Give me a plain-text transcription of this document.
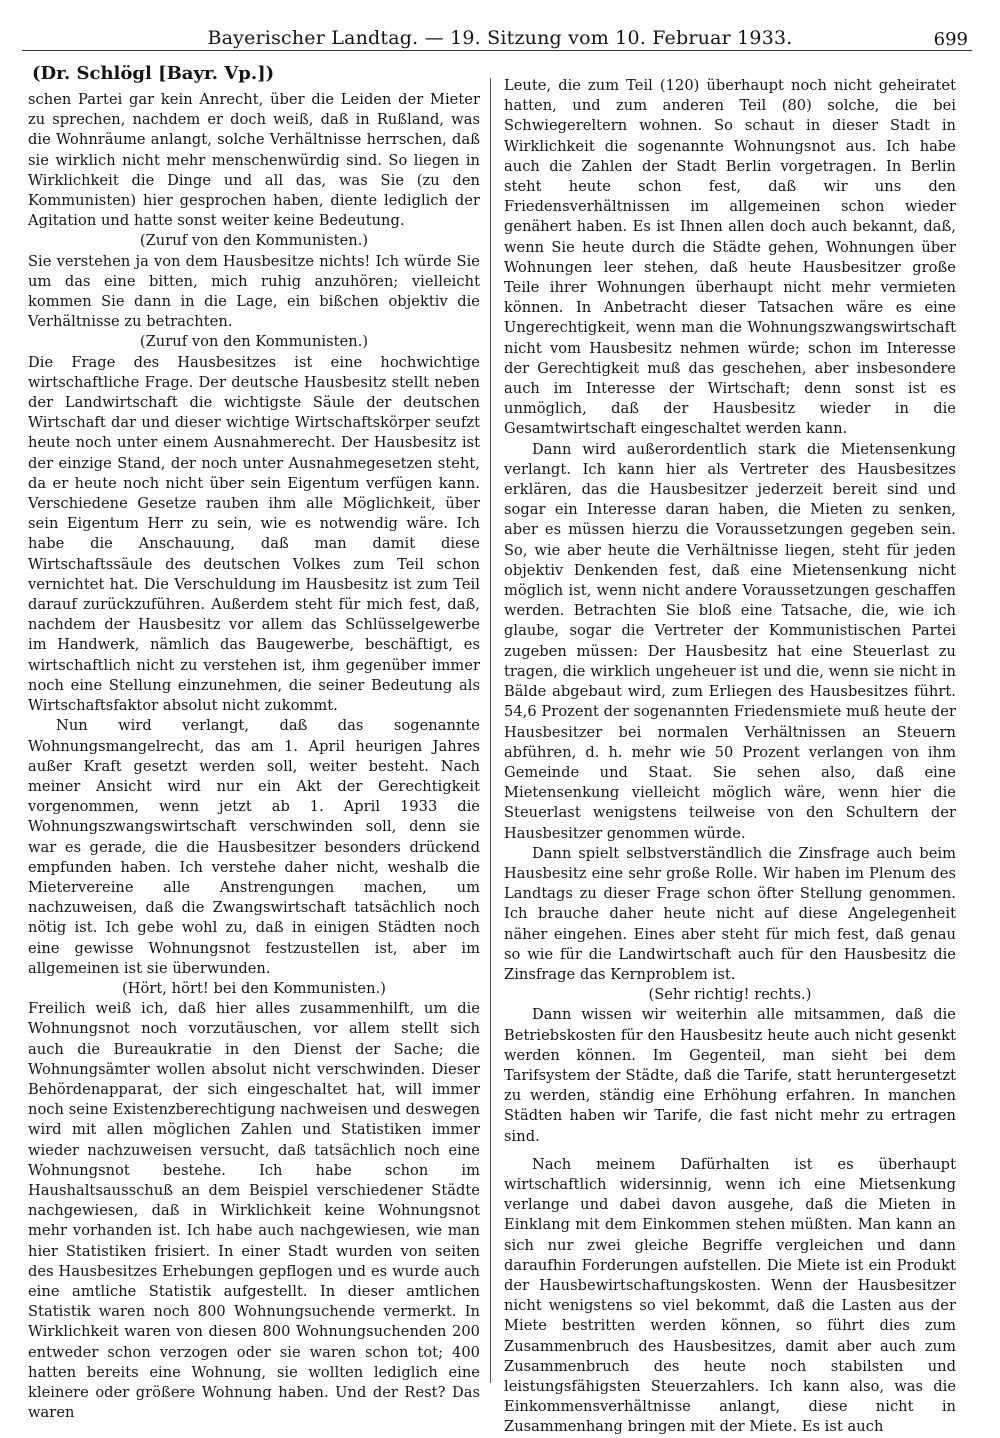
Bayerischer Landtag. — 19. Sitzung vom 10. Februar 1933.	699
(Dr. Schlögl [Bayr. Vp.])

schen Partei gar kein Anrecht, über die Leiden der Mieter zu sprechen, nachdem er doch weiß, daß in Rußland, was die Wohnräume anlangt, solche Verhältnisse herrschen, daß sie wirklich nicht mehr menschenwürdig sind. So liegen in Wirklichkeit die Dinge und all das, was Sie (zu den Kommunisten) hier gesprochen haben, diente lediglich der Agitation und hatte sonst weiter keine Bedeutung.

(Zuruf von den Kommunisten.)

Sie verstehen ja von dem Hausbesitze nichts! Ich würde Sie um das eine bitten, mich ruhig anzuhören; vielleicht kommen Sie dann in die Lage, ein bißchen objektiv die Verhältnisse zu betrachten.

(Zuruf von den Kommunisten.)

Die Frage des Hausbesitzes ist eine hochwichtige wirtschaftliche Frage. Der deutsche Hausbesitz stellt neben der Landwirtschaft die wichtigste Säule der deutschen Wirtschaft dar und dieser wichtige Wirtschaftskörper seufzt heute noch unter einem Ausnahmerecht. Der Hausbesitz ist der einzige Stand, der noch unter Ausnahmegesetzen steht, da er heute noch nicht über sein Eigentum verfügen kann. Verschiedene Gesetze rauben ihm alle Möglichkeit, über sein Eigentum Herr zu sein, wie es notwendig wäre. Ich habe die Anschauung, daß man damit diese Wirtschaftssäule des deutschen Volkes zum Teil schon vernichtet hat. Die Verschuldung im Hausbesitz ist zum Teil darauf zurückzuführen. Außerdem steht für mich fest, daß, nachdem der Hausbesitz vor allem das Schlüsselgewerbe im Handwerk, nämlich das Baugewerbe, beschäftigt, es wirtschaftlich nicht zu verstehen ist, ihm gegenüber immer noch eine Stellung einzunehmen, die seiner Bedeutung als Wirtschaftsfaktor absolut nicht zukommt.

Nun wird verlangt, daß das sogenannte Wohnungsmangelrecht, das am 1. April heurigen Jahres außer Kraft gesetzt werden soll, weiter besteht. Nach meiner Ansicht wird nur ein Akt der Gerechtigkeit vorgenommen, wenn jetzt ab 1. April 1933 die Wohnungszwangswirtschaft verschwinden soll, denn sie war es gerade, die die Hausbesitzer besonders drückend empfunden haben. Ich verstehe daher nicht, weshalb die Mietervereine alle Anstrengungen machen, um nachzuweisen, daß die Zwangswirtschaft tatsächlich noch nötig ist. Ich gebe wohl zu, daß in einigen Städten noch eine gewisse Wohnungsnot festzustellen ist, aber im allgemeinen ist sie überwunden.

(Hört, hört! bei den Kommunisten.)

Freilich weiß ich, daß hier alles zusammenhilft, um die Wohnungsnot noch vorzutäuschen, vor allem stellt sich auch die Bureaukratie in den Dienst der Sache; die Wohnungsämter wollen absolut nicht verschwinden. Dieser Behördenapparat, der sich eingeschaltet hat, will immer noch seine Existenzberechtigung nachweisen und deswegen wird mit allen möglichen Zahlen und Statistiken immer wieder nachzuweisen versucht, daß tatsächlich noch eine Wohnungsnot bestehe. Ich habe schon im Haushaltsausschuß an dem Beispiel verschiedener Städte nachgewiesen, daß in Wirklichkeit keine Wohnungsnot mehr vorhanden ist. Ich habe auch nachgewiesen, wie man hier Statistiken frisiert. In einer Stadt wurden von seiten des Hausbesitzes Erhebungen gepflogen und es wurde auch eine amtliche Statistik aufgestellt. In dieser amtlichen Statistik waren noch 800 Wohnungsuchende vermerkt. In Wirklichkeit waren von diesen 800 Wohnungsuchenden 200 entweder schon verzogen oder sie waren schon tot; 400 hatten bereits eine Wohnung, sie wollten lediglich eine kleinere oder größere Wohnung haben. Und der Rest? Das waren

Leute, die zum Teil (120) überhaupt noch nicht geheiratet hatten, und zum anderen Teil (80) solche, die bei Schwiegereltern wohnen. So schaut in dieser Stadt in Wirklichkeit die sogenannte Wohnungsnot aus. Ich habe auch die Zahlen der Stadt Berlin vorgetragen. In Berlin steht heute schon fest, daß wir uns den Friedensverhältnissen im allgemeinen schon wieder genähert haben. Es ist Ihnen allen doch auch bekannt, daß, wenn Sie heute durch die Städte gehen, Wohnungen über Wohnungen leer stehen, daß heute Hausbesitzer große Teile ihrer Wohnungen überhaupt nicht mehr vermieten können. In Anbetracht dieser Tatsachen wäre es eine Ungerechtigkeit, wenn man die Wohnungszwangswirtschaft nicht vom Hausbesitz nehmen würde; schon im Interesse der Gerechtigkeit muß das geschehen, aber insbesondere auch im Interesse der Wirtschaft; denn sonst ist es unmöglich, daß der Hausbesitz wieder in die Gesamtwirtschaft eingeschaltet werden kann.

Dann wird außerordentlich stark die Mietensenkung verlangt. Ich kann hier als Vertreter des Hausbesitzes erklären, das die Hausbesitzer jederzeit bereit sind und sogar ein Interesse daran haben, die Mieten zu senken, aber es müssen hierzu die Voraussetzungen gegeben sein. So, wie aber heute die Verhältnisse liegen, steht für jeden objektiv Denkenden fest, daß eine Mietensenkung nicht möglich ist, wenn nicht andere Voraussetzungen geschaffen werden. Betrachten Sie bloß eine Tatsache, die, wie ich glaube, sogar die Vertreter der Kommunistischen Partei zugeben müssen: Der Hausbesitz hat eine Steuerlast zu tragen, die wirklich ungeheuer ist und die, wenn sie nicht in Bälde abgebaut wird, zum Erliegen des Hausbesitzes führt. 54,6 Prozent der sogenannten Friedensmiete muß heute der Hausbesitzer bei normalen Verhältnissen an Steuern abführen, d. h. mehr wie 50 Prozent verlangen von ihm Gemeinde und Staat. Sie sehen also, daß eine Mietensenkung vielleicht möglich wäre, wenn hier die Steuerlast wenigstens teilweise von den Schultern der Hausbesitzer genommen würde.

Dann spielt selbstverständlich die Zinsfrage auch beim Hausbesitz eine sehr große Rolle. Wir haben im Plenum des Landtags zu dieser Frage schon öfter Stellung genommen. Ich brauche daher heute nicht auf diese Angelegenheit näher eingehen. Eines aber steht für mich fest, daß genau so wie für die Landwirtschaft auch für den Hausbesitz die Zinsfrage das Kernproblem ist.

(Sehr richtig! rechts.)

Dann wissen wir weiterhin alle mitsammen, daß die Betriebskosten für den Hausbesitz heute auch nicht gesenkt werden können. Im Gegenteil, man sieht bei dem Tarifsystem der Städte, daß die Tarife, statt heruntergesetzt zu werden, ständig eine Erhöhung erfahren. In manchen Städten haben wir Tarife, die fast nicht mehr zu ertragen sind.

Nach meinem Dafürhalten ist es überhaupt wirtschaftlich widersinnig, wenn ich eine Mietsenkung verlange und dabei davon ausgehe, daß die Mieten in Einklang mit dem Einkommen stehen müßten. Man kann an sich nur zwei gleiche Begriffe vergleichen und dann daraufhin Forderungen aufstellen. Die Miete ist ein Produkt der Hausbewirtschaftungskosten. Wenn der Hausbesitzer nicht wenigstens so viel bekommt, daß die Lasten aus der Miete bestritten werden können, so führt dies zum Zusammenbruch des Hausbesitzes, damit aber auch zum Zusammenbruch des heute noch stabilsten und leistungsfähigsten Steuerzahlers. Ich kann also, was die Einkommensverhältnisse anlangt, diese nicht in Zusammenhang bringen mit der Miete. Es ist auch
